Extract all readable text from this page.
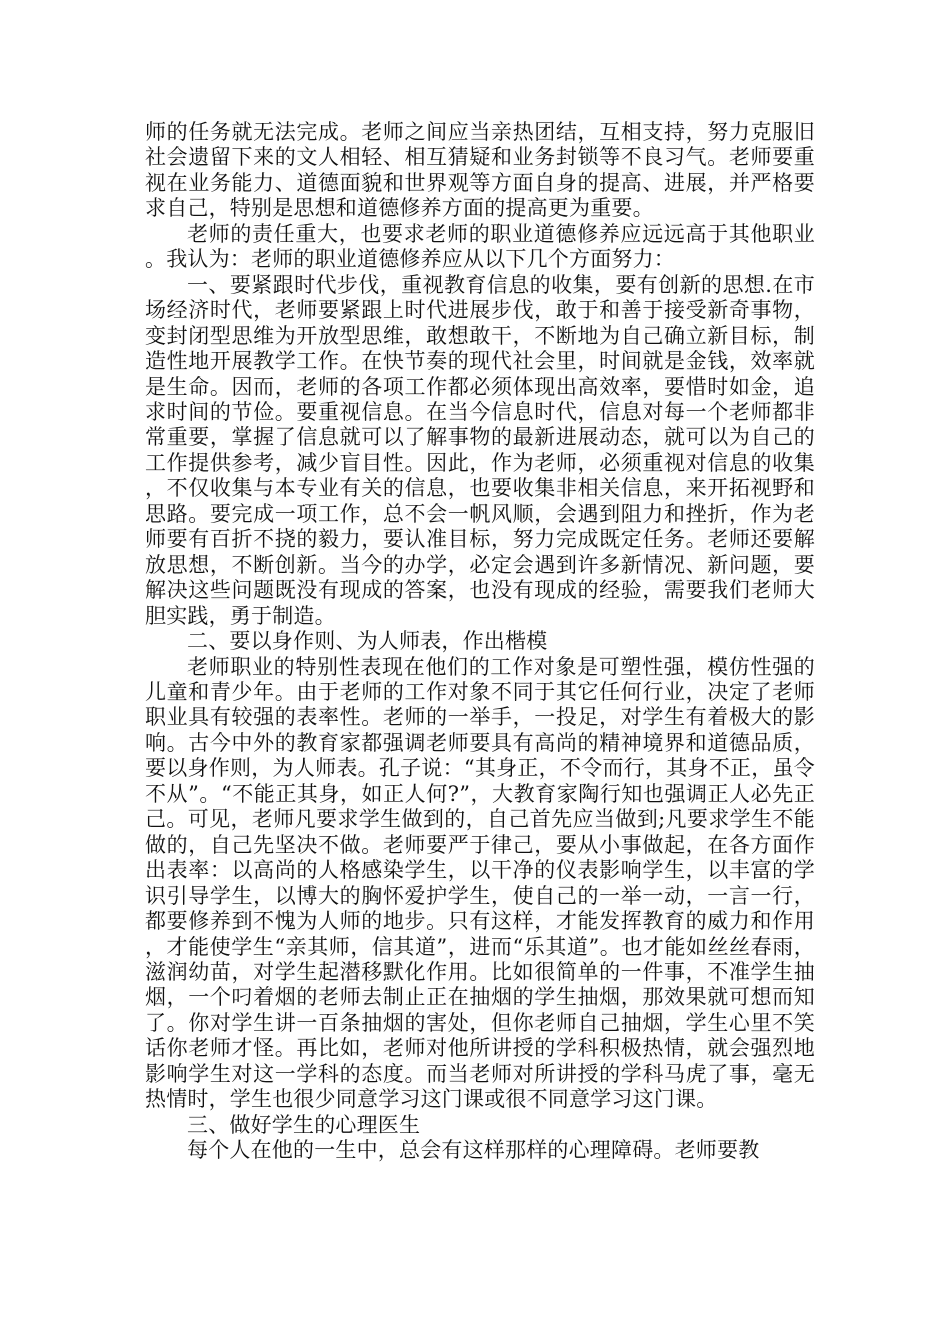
师的任务就无法完成。老师之间应当亲热团结，互相支持，努力克服旧社会遗留下来的文人相轻、相互猜疑和业务封锁等不良习气。老师要重视在业务能力、道德面貌和世界观等方面自身的提高、进展，并严格要求自己，特别是思想和道德修养方面的提高更为重要。

老师的责任重大，也要求老师的职业道德修养应远远高于其他职业。我认为：老师的职业道德修养应从以下几个方面努力：

一、要紧跟时代步伐，重视教育信息的收集，要有创新的思想.在市场经济时代，老师要紧跟上时代进展步伐，敢于和善于接受新奇事物，变封闭型思维为开放型思维，敢想敢干，不断地为自己确立新目标，制造性地开展教学工作。在快节奏的现代社会里，时间就是金钱，效率就是生命。因而，老师的各项工作都必须体现出高效率，要惜时如金，追求时间的节俭。要重视信息。在当今信息时代，信息对每一个老师都非常重要，掌握了信息就可以了解事物的最新进展动态，就可以为自己的工作提供参考，减少盲目性。因此，作为老师，必须重视对信息的收集，不仅收集与本专业有关的信息，也要收集非相关信息，来开拓视野和思路。要完成一项工作，总不会一帆风顺，会遇到阻力和挫折，作为老师要有百折不挠的毅力，要认准目标，努力完成既定任务。老师还要解放思想，不断创新。当今的办学，必定会遇到许多新情况、新问题，要解决这些问题既没有现成的答案，也没有现成的经验，需要我们老师大胆实践，勇于制造。

二、要以身作则、为人师表，作出楷模

老师职业的特别性表现在他们的工作对象是可塑性强，模仿性强的儿童和青少年。由于老师的工作对象不同于其它任何行业，决定了老师职业具有较强的表率性。老师的一举手，一投足，对学生有着极大的影响。古今中外的教育家都强调老师要具有高尚的精神境界和道德品质，要以身作则，为人师表。孔子说：“其身正，不令而行，其身不正，虽令不从”。“不能正其身，如正人何?”，大教育家陶行知也强调正人必先正己。可见，老师凡要求学生做到的，自己首先应当做到;凡要求学生不能做的，自己先坚决不做。老师要严于律己，要从小事做起，在各方面作出表率：以高尚的人格感染学生，以干净的仪表影响学生，以丰富的学识引导学生，以博大的胸怀爱护学生，使自己的一举一动，一言一行，都要修养到不愧为人师的地步。只有这样，才能发挥教育的威力和作用，才能使学生“亲其师，信其道”，进而“乐其道”。也才能如丝丝春雨，滋润幼苗，对学生起潜移默化作用。比如很简单的一件事，不准学生抽烟，一个叼着烟的老师去制止正在抽烟的学生抽烟，那效果就可想而知了。你对学生讲一百条抽烟的害处，但你老师自己抽烟，学生心里不笑话你老师才怪。再比如，老师对他所讲授的学科积极热情，就会强烈地影响学生对这一学科的态度。而当老师对所讲授的学科马虎了事，毫无热情时，学生也很少同意学习这门课或很不同意学习这门课。

三、做好学生的心理医生

每个人在他的一生中，总会有这样那样的心理障碍。老师要教
